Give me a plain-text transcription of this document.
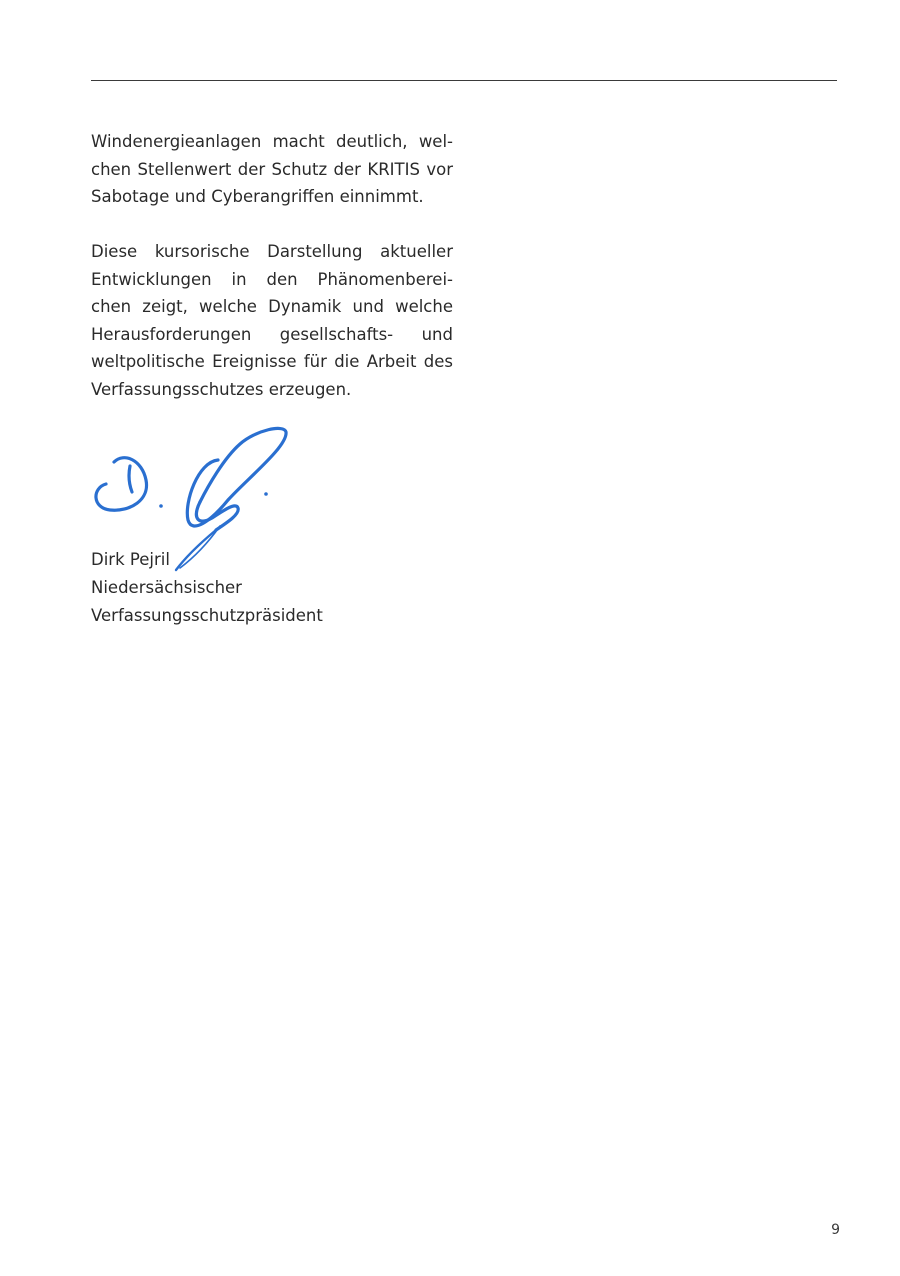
Windenergieanlagen macht deutlich, wel-
chen Stellenwert der Schutz der KRITIS vor
Sabotage und Cyberangriffen einnimmt.

Diese kursorische Darstellung aktueller
Entwicklungen in den Phänomenberei-
chen zeigt, welche Dynamik und welche
Herausforderungen gesellschafts- und
weltpolitische Ereignisse für die Arbeit des
Verfassungsschutzes erzeugen.

Dirk Pejril
Niedersächsischer
Verfassungsschutzpräsident
9
